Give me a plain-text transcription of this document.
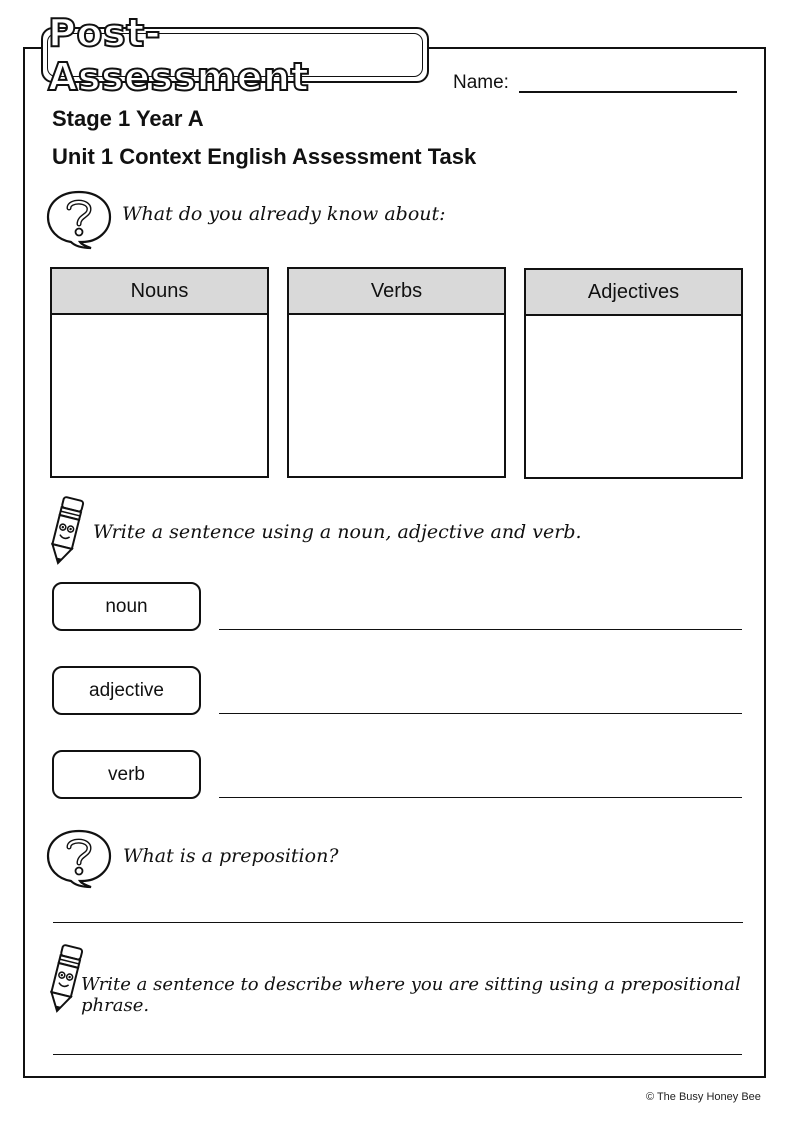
Post-Assessment	Name:
Stage 1 Year A
Unit 1 Context English Assessment Task
What do you already know about:
Nouns	Verbs	Adjectives
Write a sentence using a noun, adjective and verb.
noun
adjective
verb
What is a preposition?
Write a sentence to describe where you are sitting using a prepositional phrase.
© The Busy Honey Bee
